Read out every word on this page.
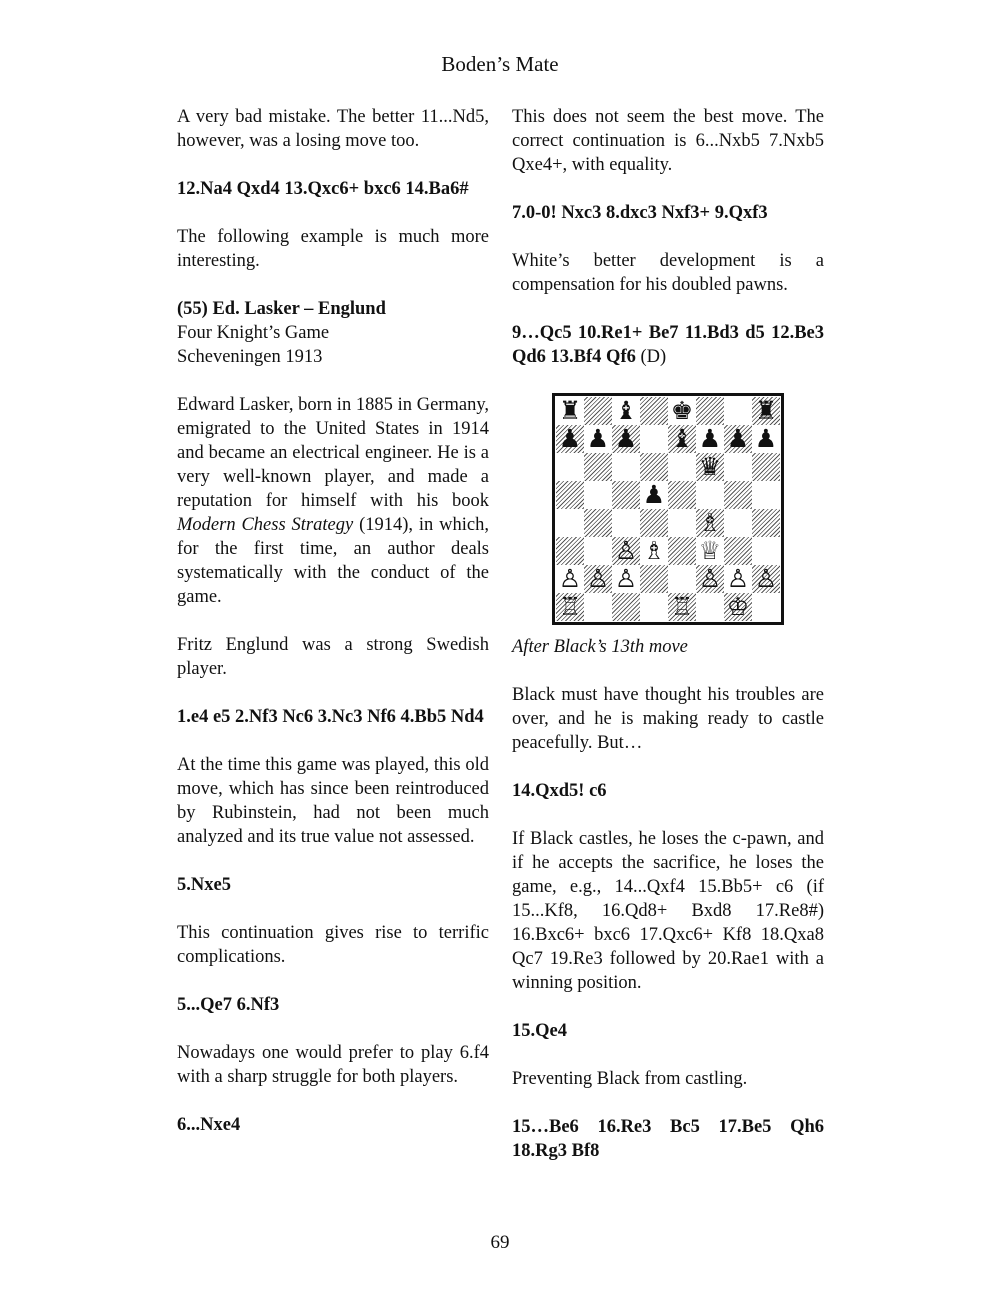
Boden’s Mate

A very bad mistake. The better 11...Nd5, however, was a losing move too.

12.Na4 Qxd4 13.Qxc6+ bxc6 14.Ba6#

The following example is much more interesting.

(55) Ed. Lasker – Englund
Four Knight’s Game
Scheveningen 1913

Edward Lasker, born in 1885 in Germany, emigrated to the United States in 1914 and became an electrical engineer. He is a very well-known player, and made a reputation for himself with his book Modern Chess Strategy (1914), in which, for the first time, an author deals systematically with the conduct of the game.

Fritz Englund was a strong Swedish player.

1.e4 e5 2.Nf3 Nc6 3.Nc3 Nf6 4.Bb5 Nd4

At the time this game was played, this old move, which has since been reintroduced by Rubinstein, had not been much analyzed and its true value not assessed.

5.Nxe5

This continuation gives rise to terrific complications.

5...Qe7 6.Nf3

Nowadays one would prefer to play 6.f4 with a sharp struggle for both players.

6...Nxe4

This does not seem the best move. The correct continuation is 6...Nxb5 7.Nxb5 Qxe4+, with equality.

7.0-0! Nxc3 8.dxc3 Nxf3+ 9.Qxf3

White’s better development is a compensation for his doubled pawns.

9…Qc5 10.Re1+ Be7 11.Bd3 d5 12.Be3 Qd6 13.Bf4 Qf6 (D)

♜ ♝ ♚ ♜
♟ ♟ ♟ ♝ ♟ ♟ ♟
♛
♟
♗
♙ ♗ ♕
♙ ♙ ♙ ♙ ♙ ♙
♖	♖ ♔

After Black’s 13th move

Black must have thought his troubles are over, and he is making ready to castle peacefully. But…

14.Qxd5! c6

If Black castles, he loses the c-pawn, and if he accepts the sacrifice, he loses the game, e.g., 14...Qxf4 15.Bb5+ c6 (if 15...Kf8, 16.Qd8+ Bxd8 17.Re8#) 16.Bxc6+ bxc6 17.Qxc6+ Kf8 18.Qxa8 Qc7 19.Re3 followed by 20.Rae1 with a winning position.

15.Qe4

Preventing Black from castling.

15…Be6 16.Re3 Bc5 17.Be5 Qh6 18.Rg3 Bf8

69
